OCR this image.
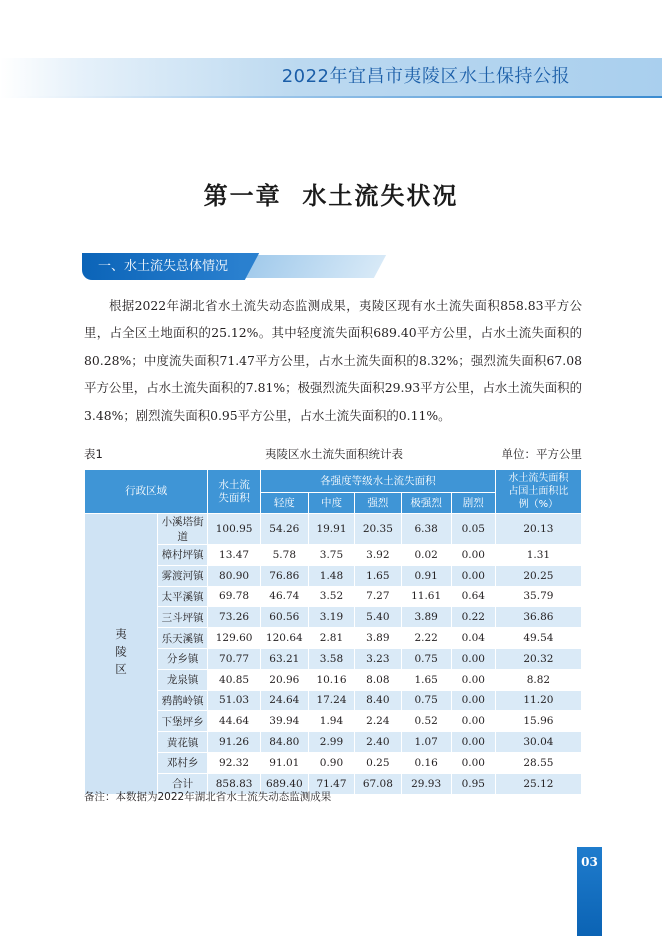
2022年宜昌市夷陵区水土保持公报
第一章  水土流失状况
一、水土流失总体情况

根据2022年湖北省水土流失动态监测成果，夷陵区现有水土流失面积858.83平方公里，占全区土地面积的25.12%。其中轻度流失面积689.40平方公里，占水土流失面积的80.28%；中度流失面积71.47平方公里，占水土流失面积的8.32%；强烈流失面积67.08平方公里，占水土流失面积的7.81%；极强烈流失面积29.93平方公里，占水土流失面积的3.48%；剧烈流失面积0.95平方公里，占水土流失面积的0.11%。

表1	夷陵区水土流失面积统计表	单位：平方公里
行政区域		水土流失面积	各强度等级水土流失面积					水土流失面积占国土面积比例（%）
			轻度	中度	强烈	极强烈	剧烈	
夷陵区	小溪塔街道	100.95	54.26	19.91	20.35	6.38	0.05	20.13
	樟村坪镇	13.47	5.78	3.75	3.92	0.02	0.00	1.31
	雾渡河镇	80.90	76.86	1.48	1.65	0.91	0.00	20.25
	太平溪镇	69.78	46.74	3.52	7.27	11.61	0.64	35.79
	三斗坪镇	73.26	60.56	3.19	5.40	3.89	0.22	36.86
	乐天溪镇	129.60	120.64	2.81	3.89	2.22	0.04	49.54
	分乡镇	70.77	63.21	3.58	3.23	0.75	0.00	20.32
	龙泉镇	40.85	20.96	10.16	8.08	1.65	0.00	8.82
	鸦鹊岭镇	51.03	24.64	17.24	8.40	0.75	0.00	11.20
	下堡坪乡	44.64	39.94	1.94	2.24	0.52	0.00	15.96
	黄花镇	91.26	84.80	2.99	2.40	1.07	0.00	30.04
	邓村乡	92.32	91.01	0.90	0.25	0.16	0.00	28.55
	合计	858.83	689.40	71.47	67.08	29.93	0.95	25.12
备注：本数据为2022年湖北省水土流失动态监测成果
03
